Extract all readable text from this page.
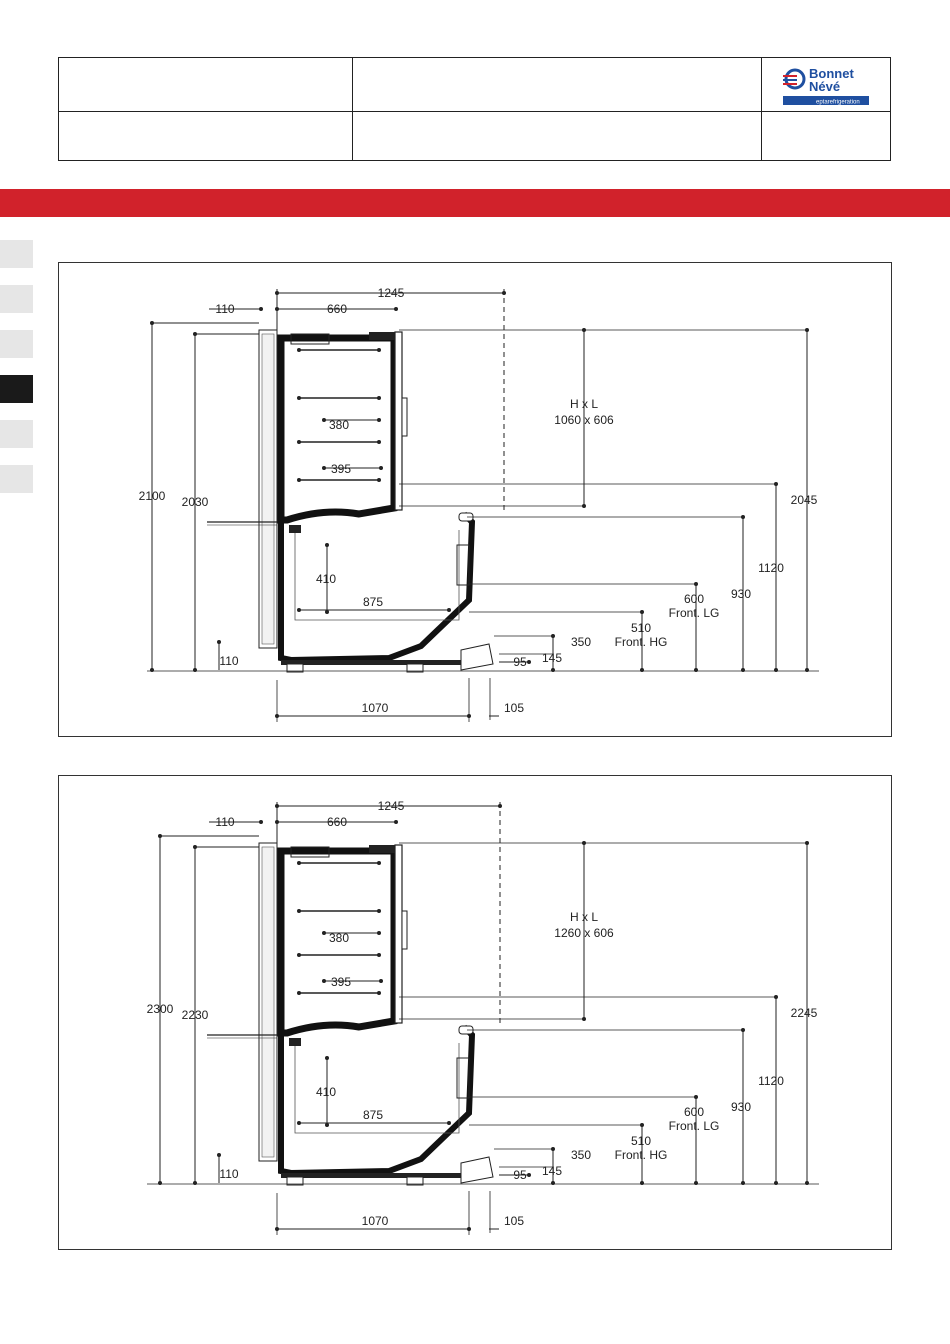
Bonnet
Névé
eptarefrigeration
1245
660
110
2100 2030
110
H x L
1060 x 606
2045
1120
930
600
Front. LG
510
Front. HG
350
145
95
380
395
410
875
1070	105
1245
660
110
2300 2230
110
H x L
1260 x 606
2245
1120
930
600
Front. LG
510
Front. HG
350
145
95
380
395
410
875
1070	105
